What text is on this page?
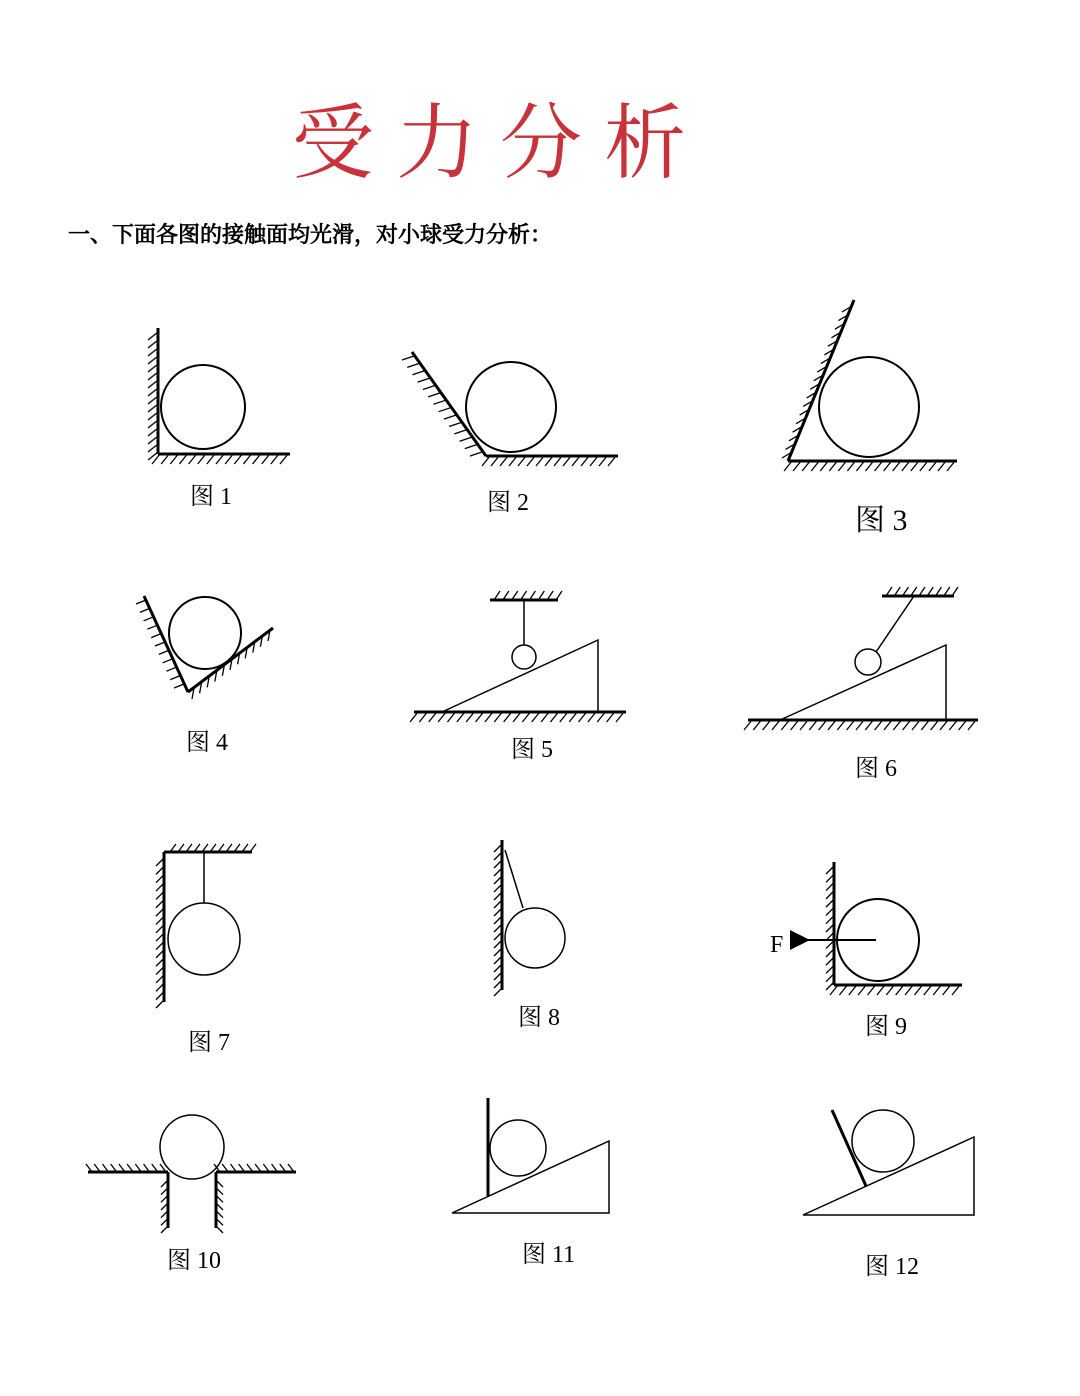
受力分析
一、下面各图的接触面均光滑，对小球受力分析：
图 1	图 2
图 3
图 4	图 5
图 6
图 7
图 8
F
图 9
图 10	图 11	图 12
